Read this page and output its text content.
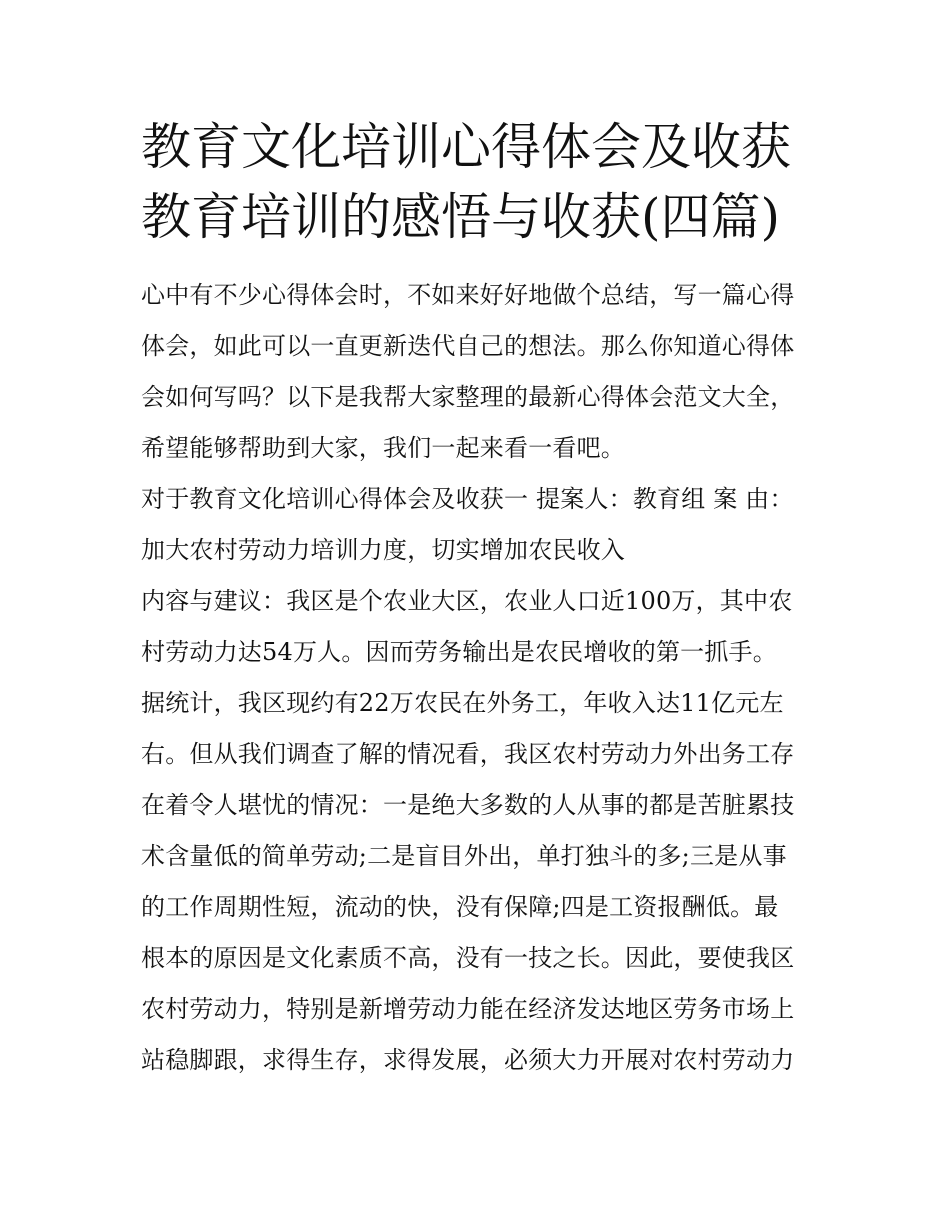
教育文化培训心得体会及收获
教育培训的感悟与收获(四篇)

心中有不少心得体会时，不如来好好地做个总结，写一篇心得
体会，如此可以一直更新迭代自己的想法。那么你知道心得体
会如何写吗？以下是我帮大家整理的最新心得体会范文大全，
希望能够帮助到大家，我们一起来看一看吧。

对于教育文化培训心得体会及收获一 提案人：教育组 案 由：
加大农村劳动力培训力度，切实增加农民收入

内容与建议：我区是个农业大区，农业人口近100万，其中农
村劳动力达54万人。因而劳务输出是农民增收的第一抓手。
据统计，我区现约有22万农民在外务工，年收入达11亿元左
右。但从我们调查了解的情况看，我区农村劳动力外出务工存
在着令人堪忧的情况：一是绝大多数的人从事的都是苦脏累技
术含量低的简单劳动;二是盲目外出，单打独斗的多;三是从事
的工作周期性短，流动的快，没有保障;四是工资报酬低。最
根本的原因是文化素质不高，没有一技之长。因此，要使我区
农村劳动力，特别是新增劳动力能在经济发达地区劳务市场上
站稳脚跟，求得生存，求得发展，必须大力开展对农村劳动力
